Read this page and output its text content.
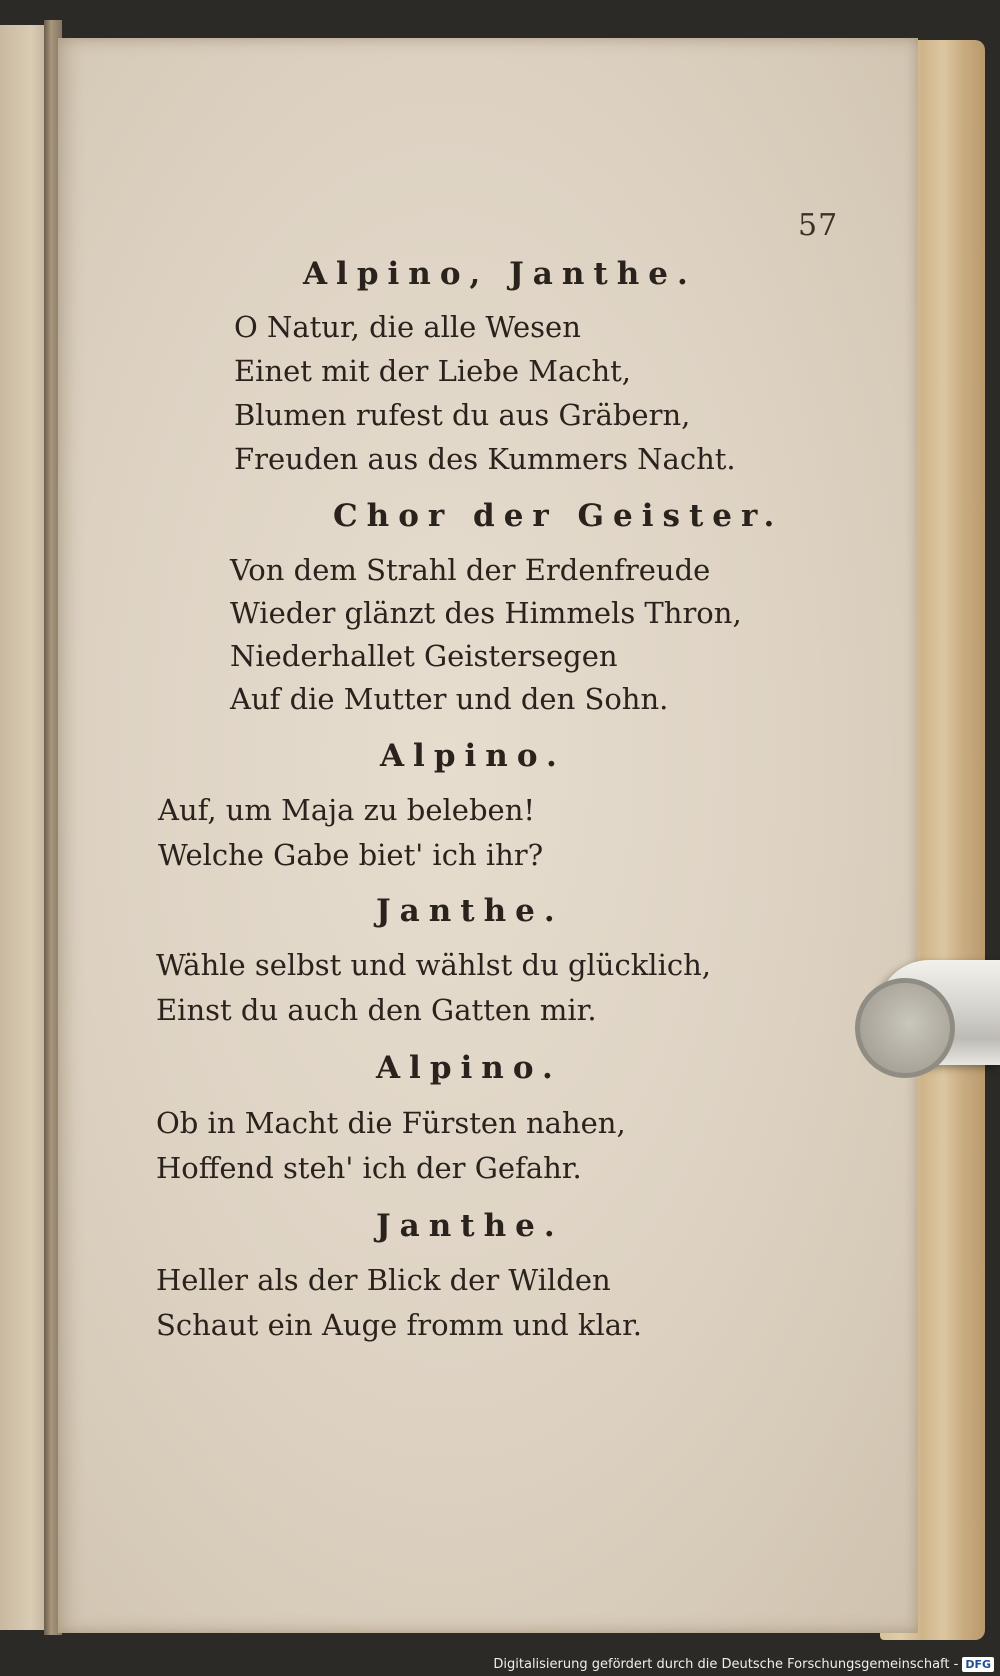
57
Alpino, Janthe.
O Natur, die alle Wesen
Einet mit der Liebe Macht,
Blumen rufest du aus Gräbern,
Freuden aus des Kummers Nacht.
Chor der Geister.
Von dem Strahl der Erdenfreude
Wieder glänzt des Himmels Thron,
Niederhallet Geistersegen
Auf die Mutter und den Sohn.
Alpino.
Auf, um Maja zu beleben!
Welche Gabe biet' ich ihr?
Janthe.
Wähle selbst und wählst du glücklich,
Einst du auch den Gatten mir.
Alpino.
Ob in Macht die Fürsten nahen,
Hoffend steh' ich der Gefahr.
Janthe.
Heller als der Blick der Wilden
Schaut ein Auge fromm und klar.
Digitalisierung gefördert durch die Deutsche Forschungsgemeinschaft - DFG
